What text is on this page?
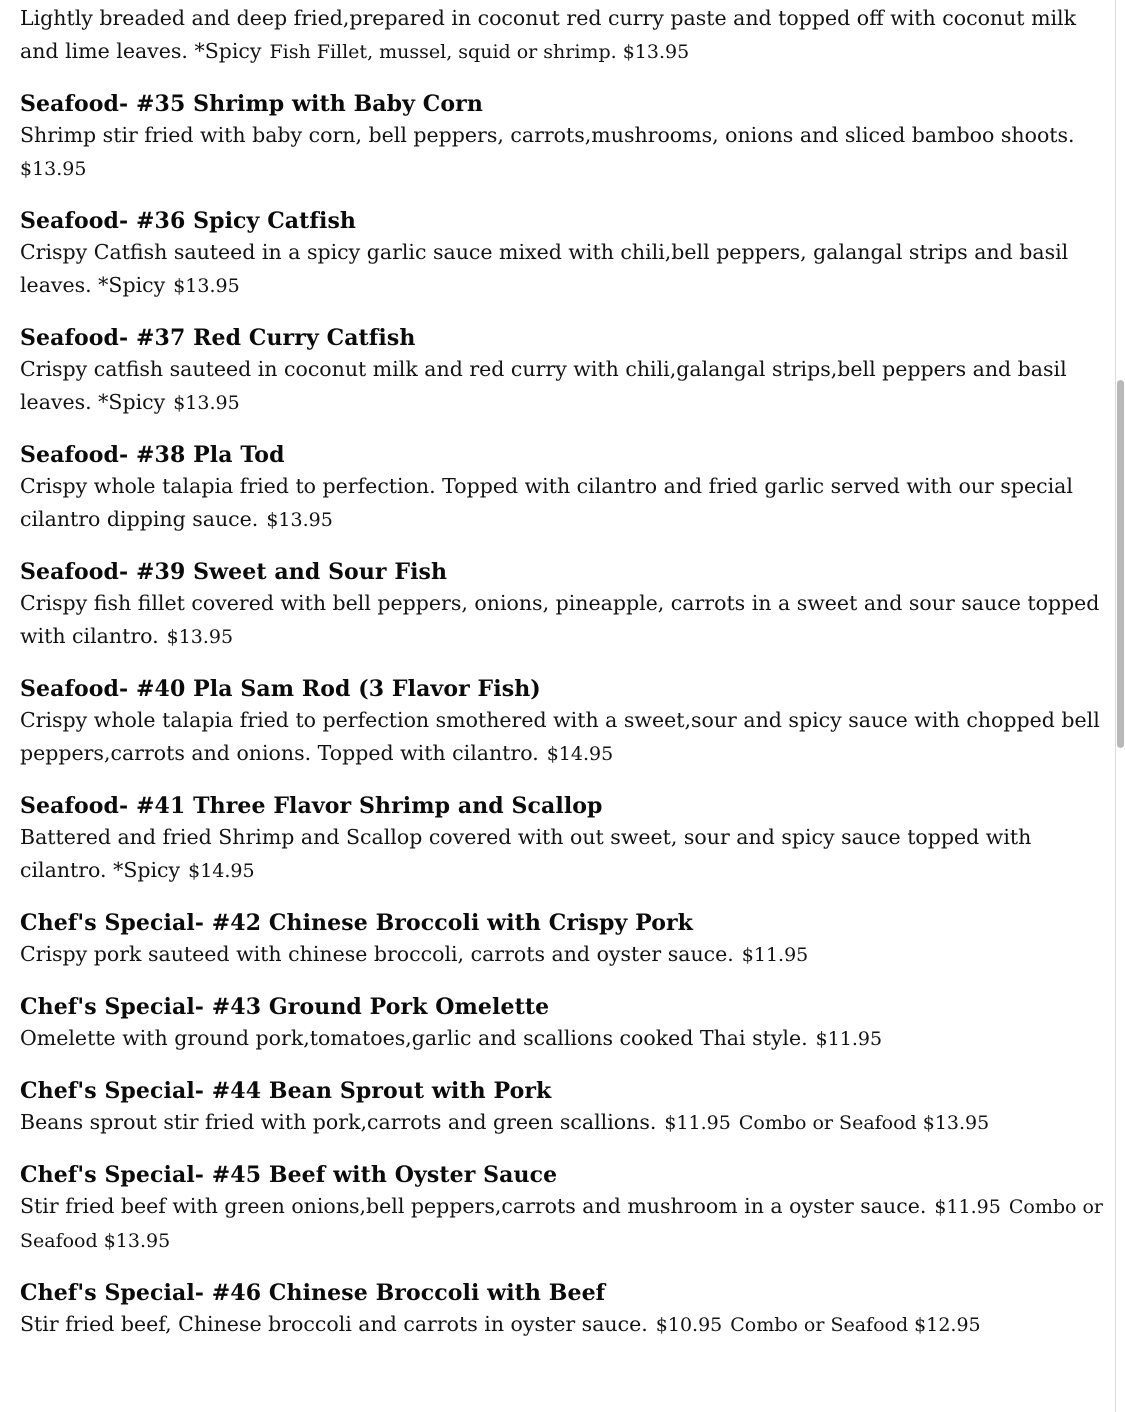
Lightly breaded and deep fried,prepared in coconut red curry paste and topped off with coconut milk and lime leaves. *Spicy Fish Fillet, mussel, squid or shrimp. $13.95
Seafood- #35 Shrimp with Baby Corn
Shrimp stir fried with baby corn, bell peppers, carrots,mushrooms, onions and sliced bamboo shoots.$13.95
Seafood- #36 Spicy Catfish
Crispy Catfish sauteed in a spicy garlic sauce mixed with chili,bell peppers, galangal strips and basil leaves. *Spicy $13.95
Seafood- #37 Red Curry Catfish
Crispy catfish sauteed in coconut milk and red curry with chili,galangal strips,bell peppers and basil leaves. *Spicy $13.95
Seafood- #38 Pla Tod
Crispy whole talapia fried to perfection. Topped with cilantro and fried garlic served with our special cilantro dipping sauce. $13.95
Seafood- #39 Sweet and Sour Fish
Crispy fish fillet covered with bell peppers, onions, pineapple, carrots in a sweet and sour sauce topped with cilantro. $13.95
Seafood- #40 Pla Sam Rod (3 Flavor Fish)
Crispy whole talapia fried to perfection smothered with a sweet,sour and spicy sauce with chopped bell peppers,carrots and onions. Topped with cilantro. $14.95
Seafood- #41 Three Flavor Shrimp and Scallop
Battered and fried Shrimp and Scallop covered with out sweet, sour and spicy sauce topped with cilantro. *Spicy $14.95
Chef's Special- #42 Chinese Broccoli with Crispy Pork
Crispy pork sauteed with chinese broccoli, carrots and oyster sauce. $11.95
Chef's Special- #43 Ground Pork Omelette
Omelette with ground pork,tomatoes,garlic and scallions cooked Thai style. $11.95
Chef's Special- #44 Bean Sprout with Pork
Beans sprout stir fried with pork,carrots and green scallions. $11.95 Combo or Seafood $13.95
Chef's Special- #45 Beef with Oyster Sauce
Stir fried beef with green onions,bell peppers,carrots and mushroom in a oyster sauce. $11.95 Combo or Seafood $13.95
Chef's Special- #46 Chinese Broccoli with Beef
Stir fried beef, Chinese broccoli and carrots in oyster sauce. $10.95 Combo or Seafood $12.95
